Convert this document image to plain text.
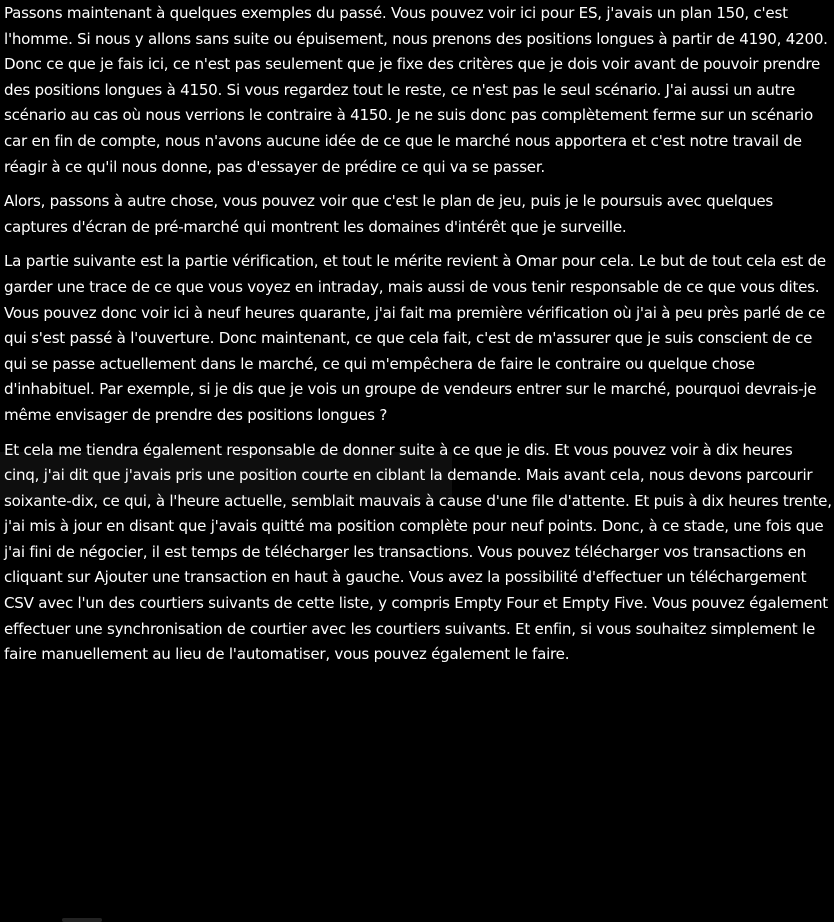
Passons maintenant à quelques exemples du passé. Vous pouvez voir ici pour ES, j'avais un plan 150, c'est l'homme. Si nous y allons sans suite ou épuisement, nous prenons des positions longues à partir de 4190, 4200. Donc ce que je fais ici, ce n'est pas seulement que je fixe des critères que je dois voir avant de pouvoir prendre des positions longues à 4150. Si vous regardez tout le reste, ce n'est pas le seul scénario. J'ai aussi un autre scénario au cas où nous verrions le contraire à 4150. Je ne suis donc pas complètement ferme sur un scénario car en fin de compte, nous n'avons aucune idée de ce que le marché nous apportera et c'est notre travail de réagir à ce qu'il nous donne, pas d'essayer de prédire ce qui va se passer.

Alors, passons à autre chose, vous pouvez voir que c'est le plan de jeu, puis je le poursuis avec quelques captures d'écran de pré-marché qui montrent les domaines d'intérêt que je surveille.

La partie suivante est la partie vérification, et tout le mérite revient à Omar pour cela. Le but de tout cela est de garder une trace de ce que vous voyez en intraday, mais aussi de vous tenir responsable de ce que vous dites. Vous pouvez donc voir ici à neuf heures quarante, j'ai fait ma première vérification où j'ai à peu près parlé de ce qui s'est passé à l'ouverture. Donc maintenant, ce que cela fait, c'est de m'assurer que je suis conscient de ce qui se passe actuellement dans le marché, ce qui m'empêchera de faire le contraire ou quelque chose d'inhabituel. Par exemple, si je dis que je vois un groupe de vendeurs entrer sur le marché, pourquoi devrais-je même envisager de prendre des positions longues ?

Et cela me tiendra également responsable de donner suite à ce que je dis. Et vous pouvez voir à dix heures cinq, j'ai dit que j'avais pris une position courte en ciblant la demande. Mais avant cela, nous devons parcourir soixante-dix, ce qui, à l'heure actuelle, semblait mauvais à cause d'une file d'attente. Et puis à dix heures trente, j'ai mis à jour en disant que j'avais quitté ma position complète pour neuf points. Donc, à ce stade, une fois que j'ai fini de négocier, il est temps de télécharger les transactions. Vous pouvez télécharger vos transactions en cliquant sur Ajouter une transaction en haut à gauche. Vous avez la possibilité d'effectuer un téléchargement CSV avec l'un des courtiers suivants de cette liste, y compris Empty Four et Empty Five. Vous pouvez également effectuer une synchronisation de courtier avec les courtiers suivants. Et enfin, si vous souhaitez simplement le faire manuellement au lieu de l'automatiser, vous pouvez également le faire.
